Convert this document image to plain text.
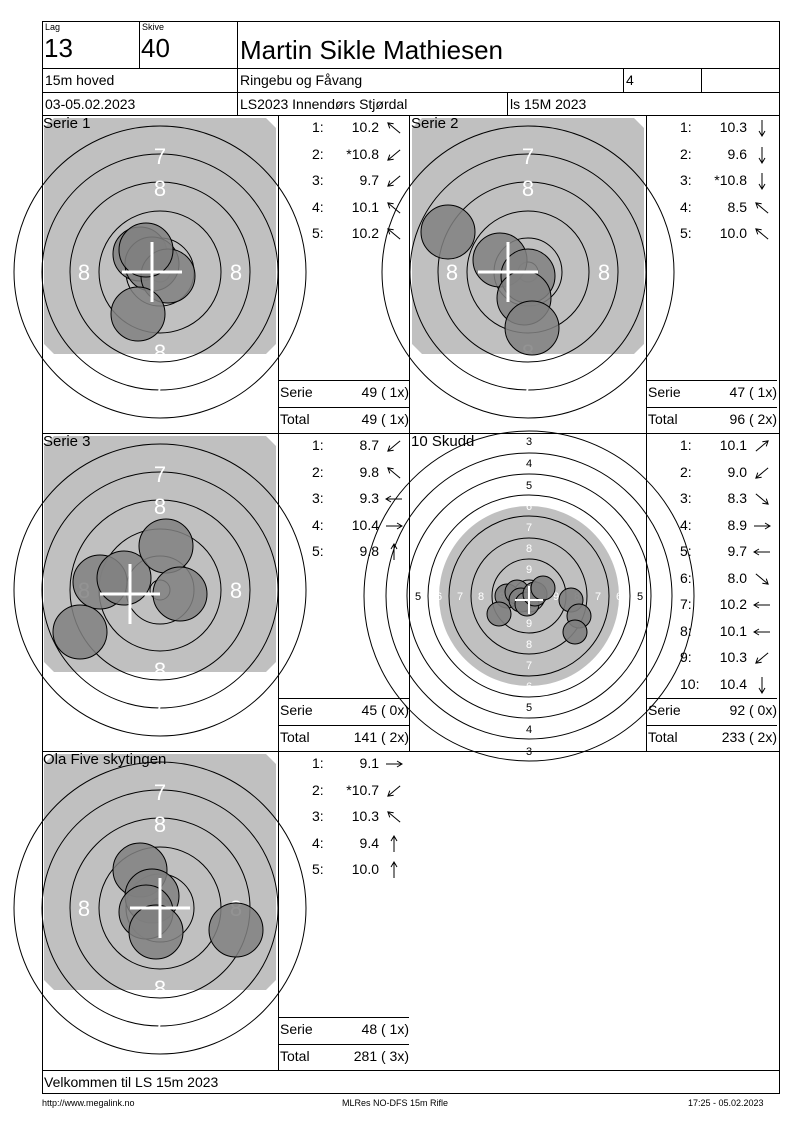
Lag
13
Skive
40	Martin Sikle Mathiesen
15m hoved	Ringebu og Fåvang	4
03-05.02.2023	LS2023 Innendørs Stjørdal	ls 15M 2023
7
8
8
7
8	8
Serie 1	1:	10.2
2:	*10.8
3:	9.7
4:	10.1
5:	10.2
Serie	49 ( 1x)
Total	49 ( 1x)
7
8
7
8	8
Serie 2	1:	10.3
2:	9.6
3:	*10.8
4:	8.5
5:	10.0
Serie	47 ( 1x)
Total	96 ( 2x)
7
8
8
7
8
Serie 3	1:	8.7
2:	9.8
3:	9.3
4:	10.4
5:	9.8
Serie	45 ( 0x)
Total	141 ( 2x)
3
3
4
4
5
5
5	5
6
6
6	6
7
7
7	7
8
8
8
9
9
9
10 Skudd	1:	10.1
2:	9.0
3:	8.3
4:	8.9
5:	9.7
6:	8.0
7:	10.2
8:	10.1
9:	10.3
10:	10.4
Serie	92 ( 0x)
Total	233 ( 2x)
7
8
8
7
8
Ola Five skytingen	1:	9.1
2:	*10.7
3:	10.3
4:	9.4
5:	10.0
Serie	48 ( 1x)
Total	281 ( 3x)
Velkommen til LS 15m 2023
http://www.megalink.no	MLRes NO-DFS 15m Rifle	17:25 - 05.02.2023
